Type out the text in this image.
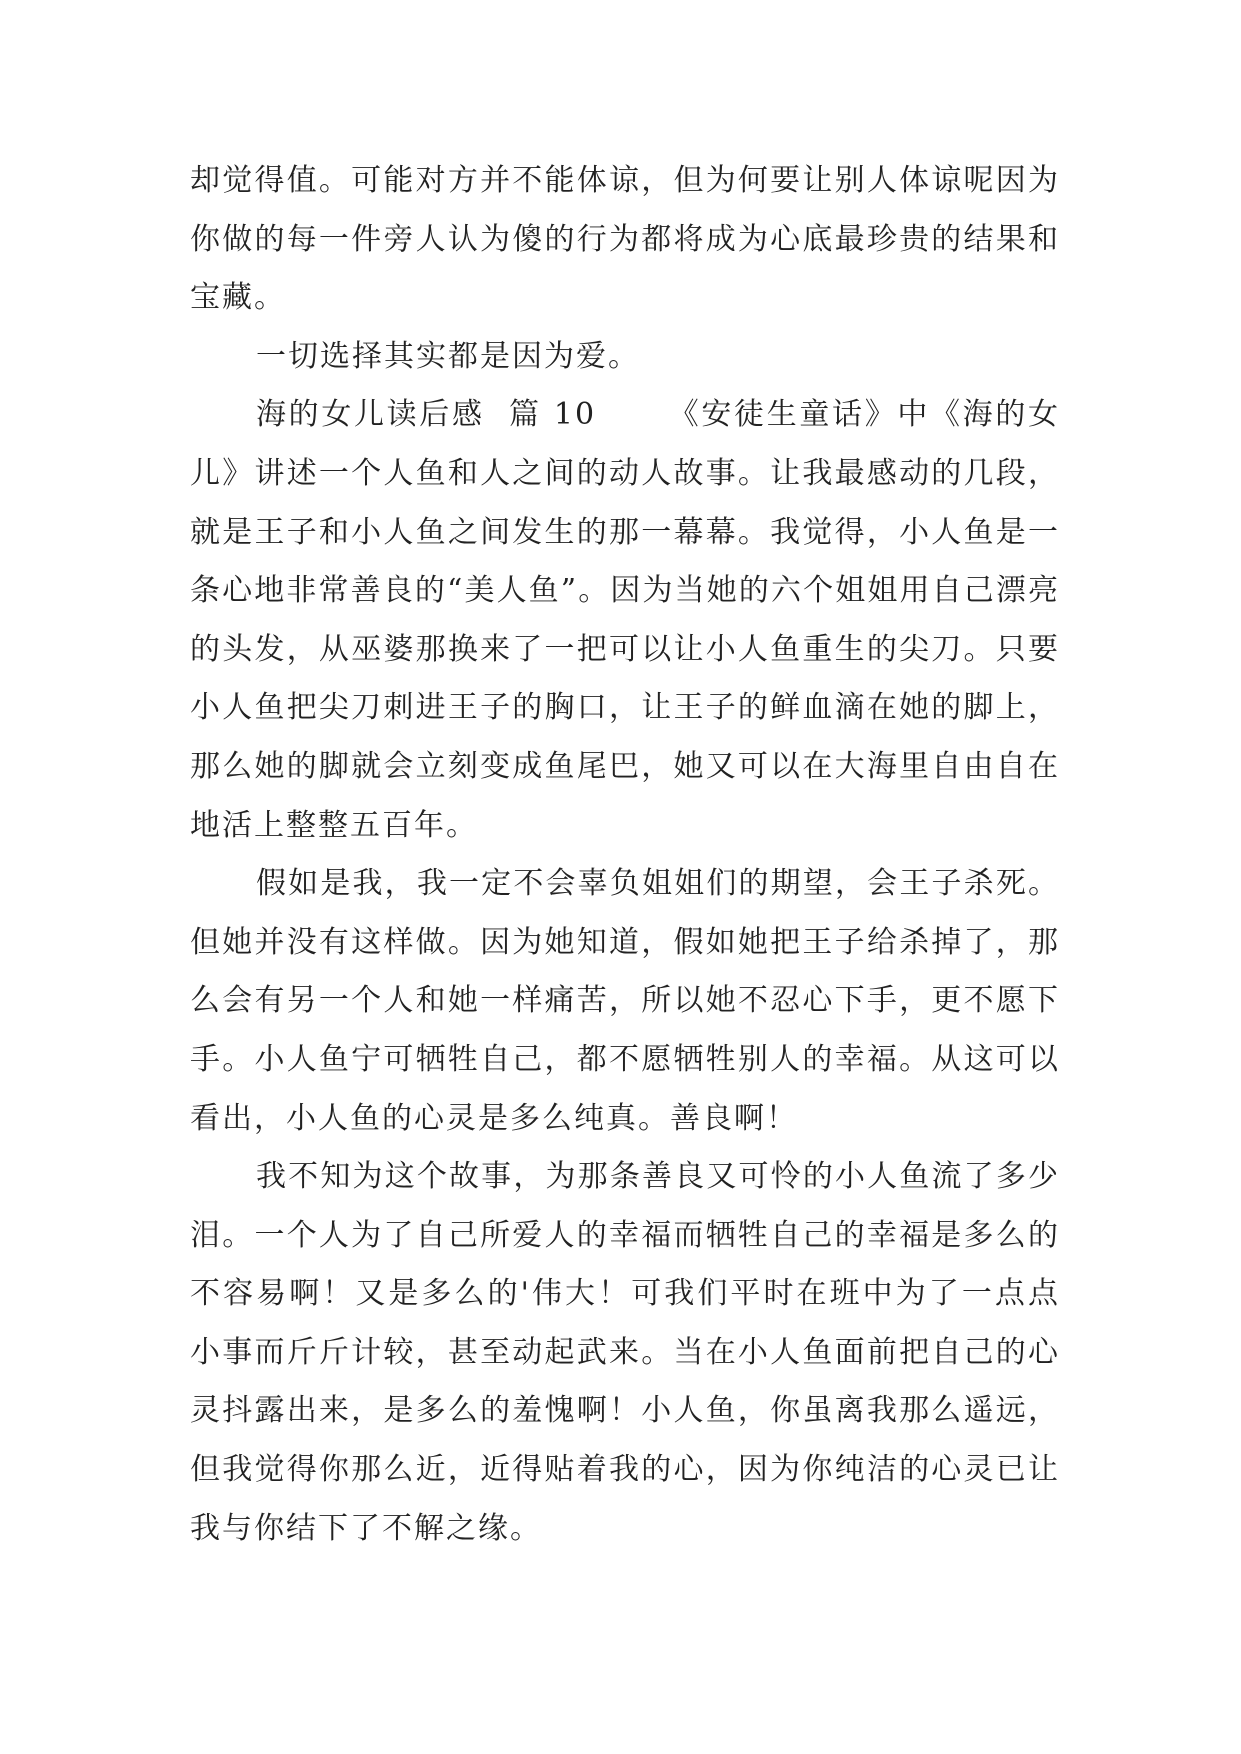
却觉得值。可能对方并不能体谅，但为何要让别人体谅呢因为你做的每一件旁人认为傻的行为都将成为心底最珍贵的结果和宝藏。

一切选择其实都是因为爱。

海的女儿读后感  篇 10 《安徒生童话》中《海的女儿》讲述一个人鱼和人之间的动人故事。让我最感动的几段，就是王子和小人鱼之间发生的那一幕幕。我觉得，小人鱼是一条心地非常善良的“美人鱼”。因为当她的六个姐姐用自己漂亮的头发，从巫婆那换来了一把可以让小人鱼重生的尖刀。只要小人鱼把尖刀刺进王子的胸口，让王子的鲜血滴在她的脚上，那么她的脚就会立刻变成鱼尾巴，她又可以在大海里自由自在地活上整整五百年。

假如是我，我一定不会辜负姐姐们的期望，会王子杀死。但她并没有这样做。因为她知道，假如她把王子给杀掉了，那么会有另一个人和她一样痛苦，所以她不忍心下手，更不愿下手。小人鱼宁可牺牲自己，都不愿牺牲别人的幸福。从这可以看出，小人鱼的心灵是多么纯真。善良啊！

我不知为这个故事，为那条善良又可怜的小人鱼流了多少泪。一个人为了自己所爱人的幸福而牺牲自己的幸福是多么的不容易啊！又是多么的'伟大！可我们平时在班中为了一点点小事而斤斤计较，甚至动起武来。当在小人鱼面前把自己的心灵抖露出来，是多么的羞愧啊！小人鱼，你虽离我那么遥远，但我觉得你那么近，近得贴着我的心，因为你纯洁的心灵已让我与你结下了不解之缘。
